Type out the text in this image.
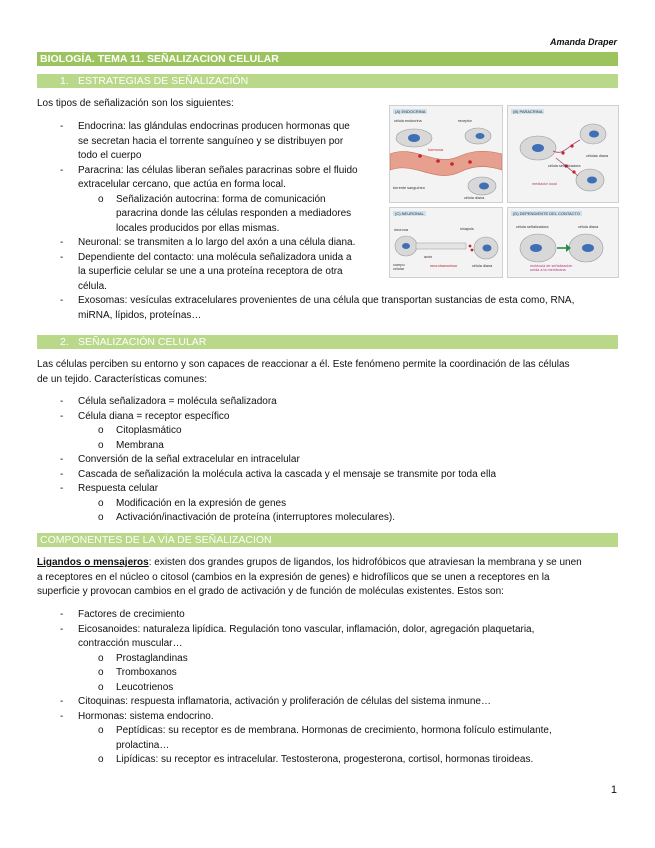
Amanda Draper
BIOLOGÍA. TEMA 11. SEÑALIZACION CELULAR
1. ESTRATEGIAS DE SEÑALIZACIÓN
Los tipos de señalización son los siguientes:
- Endocrina: las glándulas endocrinas producen hormonas que
se secretan hacia el torrente sanguíneo y se distribuyen por
todo el cuerpo
- Paracrina: las células liberan señales paracrinas sobre el fluido
extracelular cercano, que actúa en forma local.
o Señalización autocrina: forma de comunicación
paracrina donde las células responden a mediadores
locales producidos por ellas mismas.
- Neuronal: se transmiten a lo largo del axón a una célula diana.
- Dependiente del contacto: una molécula señalizadora unida a
la superficie celular se une a una proteína receptora de otra
célula.
- Exosomas: vesículas extracelulares provenientes de una célula que transportan sustancias de esta como, RNA,
miRNA, lípidos, proteínas…
(A) ENDOCRINA
célula endocrina	receptor
hormona
torrente sanguíneo
célula diana
(B) PARACRINA
célula señalizadora
células diana
mediador local
(C) NEURONAL
neurona	sinapsis
axón
cuerpo celular
neurotransmisor	célula diana
(D) DEPENDIENTE DEL CONTACTO
célula señalizadora	célula diana
molécula de señalización unida a la membrana
2. SEÑALIZACIÓN CELULAR
Las células perciben su entorno y son capaces de reaccionar a él. Este fenómeno permite la coordinación de las células
de un tejido. Características comunes:
- Célula señalizadora = molécula señalizadora
- Célula diana = receptor específico
o Citoplasmático
o Membrana
- Conversión de la señal extracelular en intracelular
- Cascada de señalización la molécula activa la cascada y el mensaje se transmite por toda ella
- Respuesta celular
o Modificación en la expresión de genes
o Activación/inactivación de proteína (interruptores moleculares).
COMPONENTES DE LA VÍA DE SEÑALIZACION
Ligandos o mensajeros: existen dos grandes grupos de ligandos, los hidrofóbicos que atraviesan la membrana y se unen
a receptores en el núcleo o citosol (cambios en la expresión de genes) e hidrofílicos que se unen a receptores en la
superficie y provocan cambios en el grado de activación y de función de moléculas existentes. Estos son:
- Factores de crecimiento
- Eicosanoides: naturaleza lipídica. Regulación tono vascular, inflamación, dolor, agregación plaquetaria,
contracción muscular…
o Prostaglandinas
o Tromboxanos
o Leucotrienos
- Citoquinas: respuesta inflamatoria, activación y proliferación de células del sistema inmune…
- Hormonas: sistema endocrino.
o Peptídicas: su receptor es de membrana. Hormonas de crecimiento, hormona folículo estimulante,
prolactina…
o Lipídicas: su receptor es intracelular. Testosterona, progesterona, cortisol, hormonas tiroideas.
1
